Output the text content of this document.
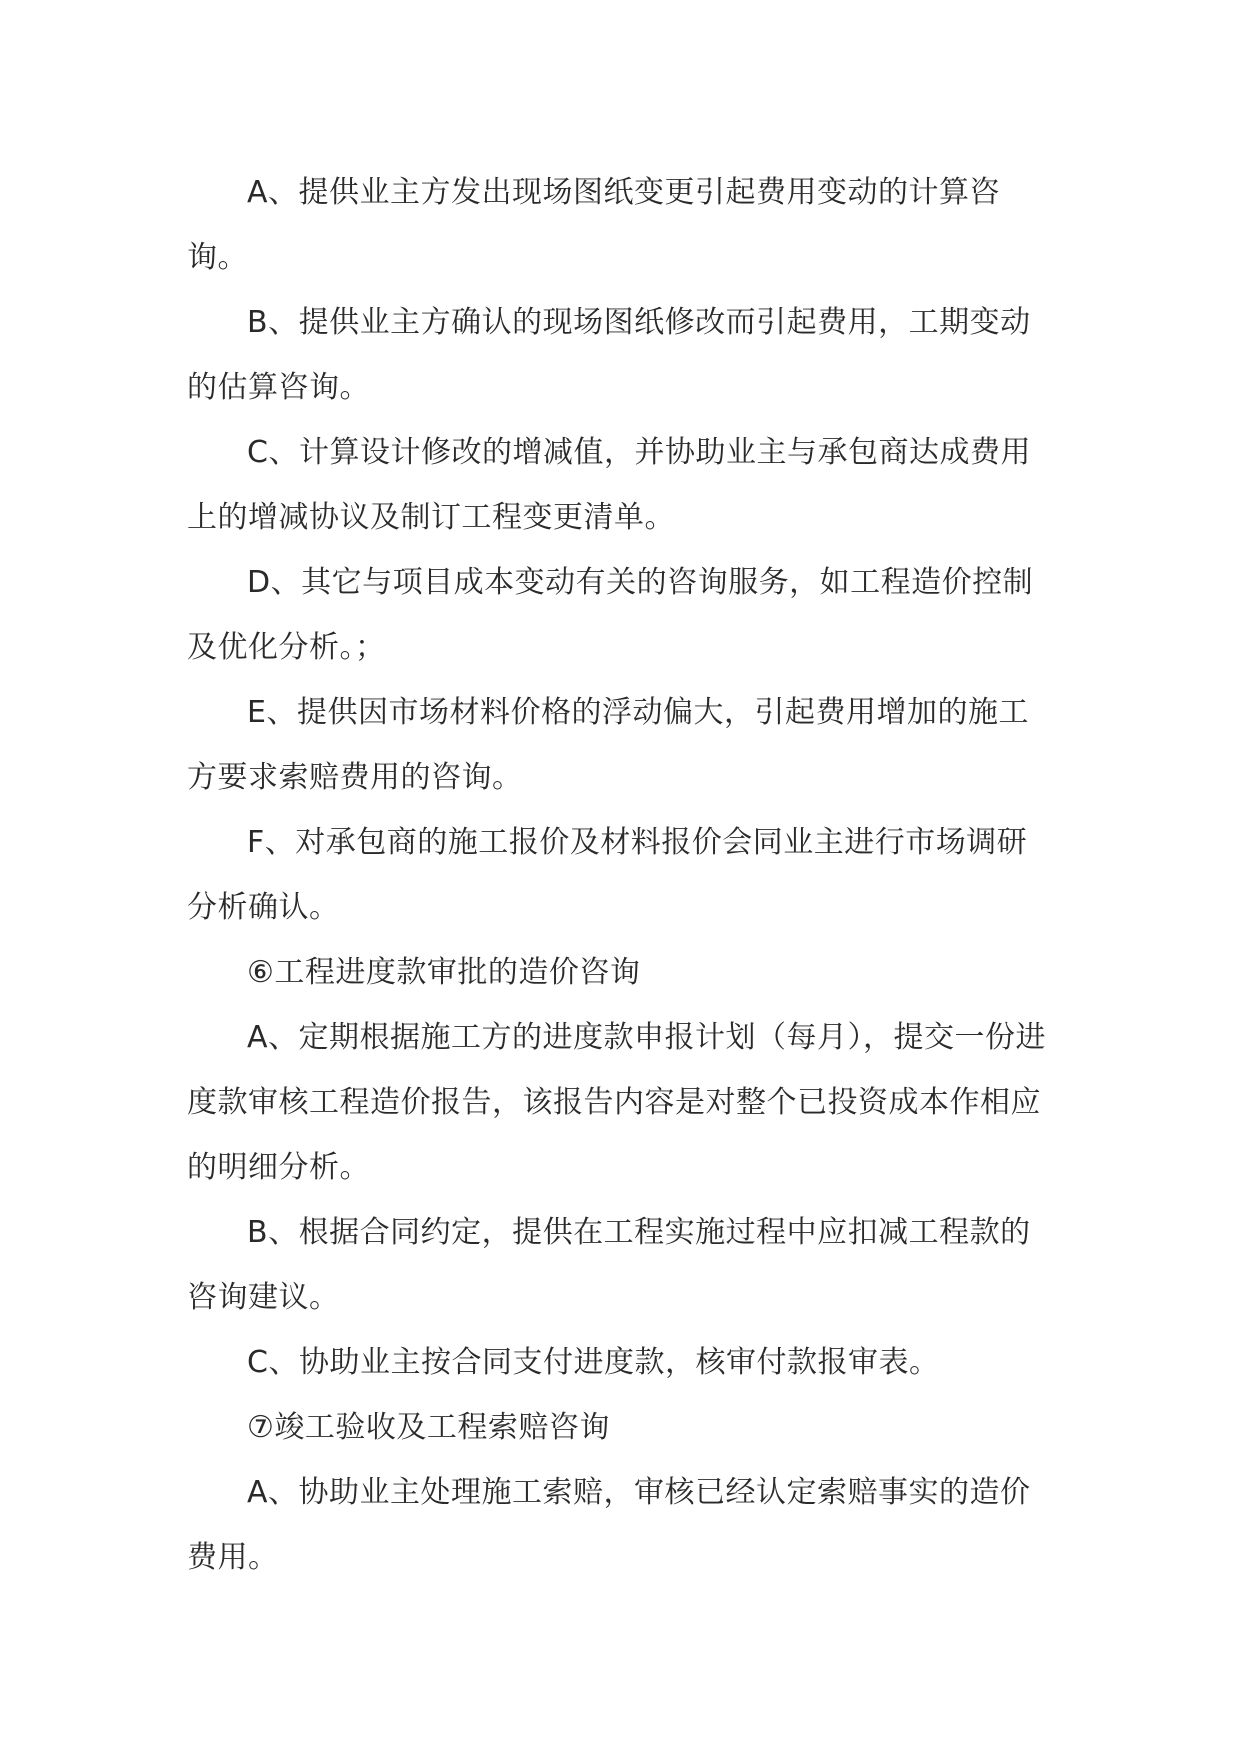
A、提供业主方发出现场图纸变更引起费用变动的计算咨询。

B、提供业主方确认的现场图纸修改而引起费用，工期变动的估算咨询。

C、计算设计修改的增减值，并协助业主与承包商达成费用上的增减协议及制订工程变更清单。

D、其它与项目成本变动有关的咨询服务，如工程造价控制及优化分析。；

E、提供因市场材料价格的浮动偏大，引起费用增加的施工方要求索赔费用的咨询。

F、对承包商的施工报价及材料报价会同业主进行市场调研分析确认。

⑥工程进度款审批的造价咨询

A、定期根据施工方的进度款申报计划（每月），提交一份进度款审核工程造价报告，该报告内容是对整个已投资成本作相应的明细分析。

B、根据合同约定，提供在工程实施过程中应扣减工程款的咨询建议。

C、协助业主按合同支付进度款，核审付款报审表。

⑦竣工验收及工程索赔咨询

A、协助业主处理施工索赔，审核已经认定索赔事实的造价费用。
